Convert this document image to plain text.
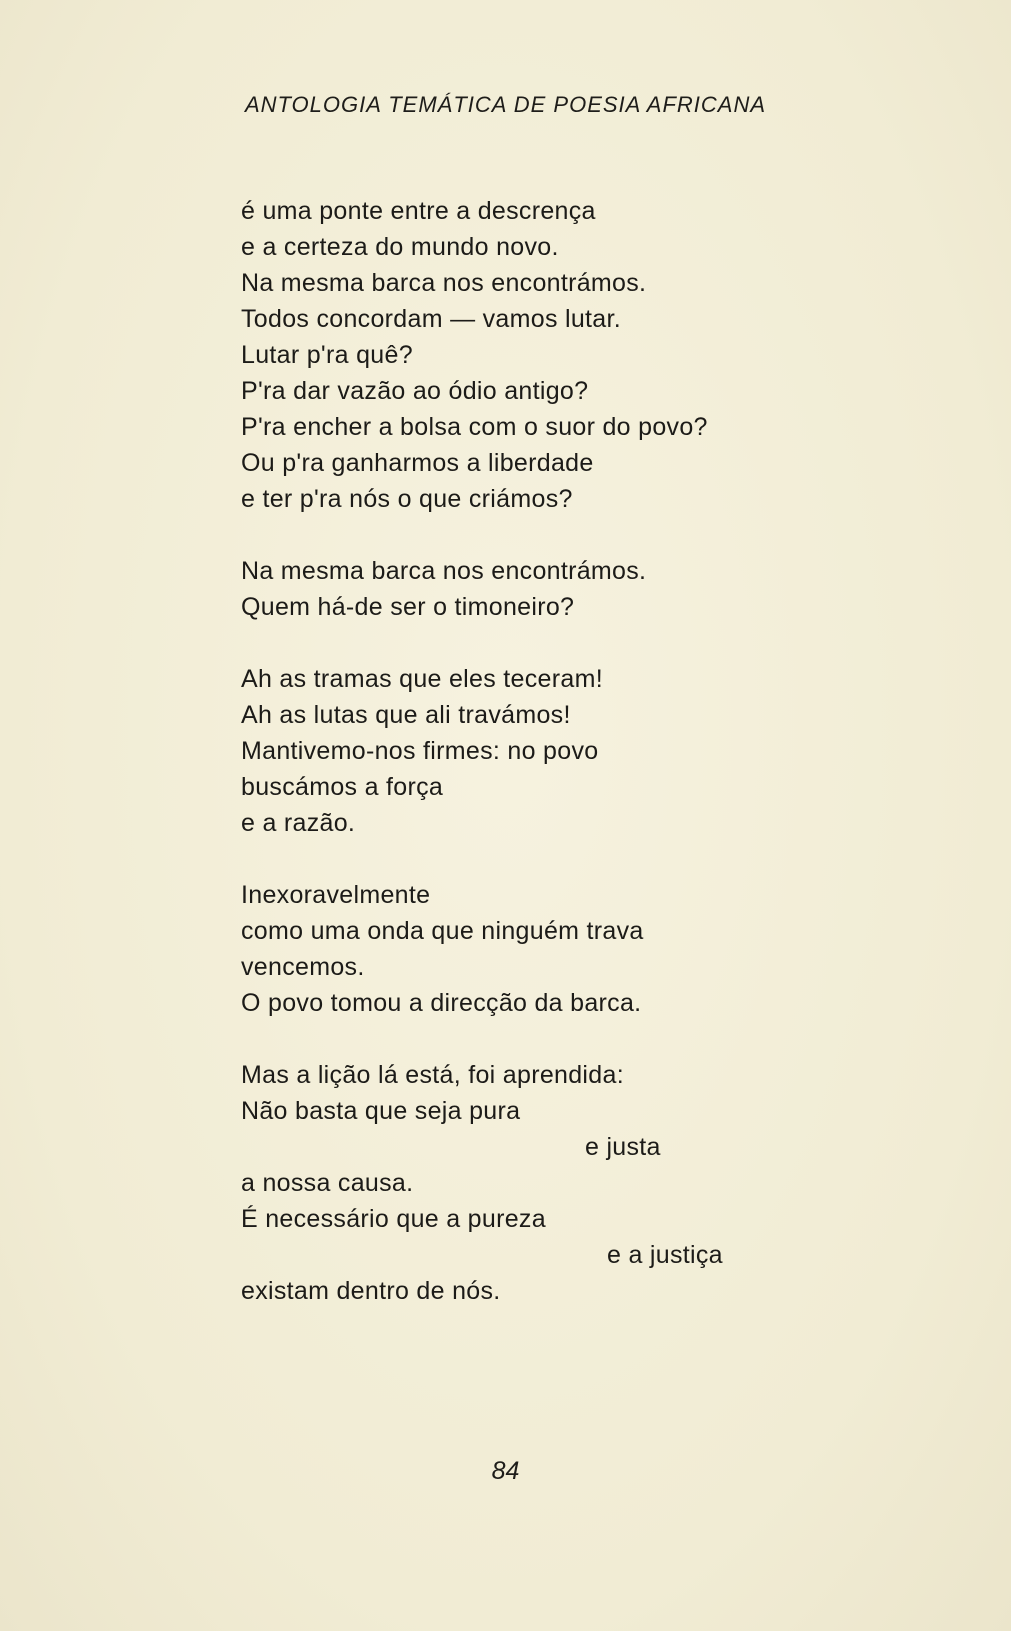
ANTOLOGIA TEMÁTICA DE POESIA AFRICANA
é uma ponte entre a descrença
e a certeza do mundo novo.
Na mesma barca nos encontrámos.
Todos concordam — vamos lutar.
Lutar p'ra quê?
P'ra dar vazão ao ódio antigo?
P'ra encher a bolsa com o suor do povo?
Ou p'ra ganharmos a liberdade
e ter p'ra nós o que criámos?
Na mesma barca nos encontrámos.
Quem há-de ser o timoneiro?
Ah as tramas que eles teceram!
Ah as lutas que ali travámos!
Mantivemo-nos firmes: no povo
buscámos a força
e a razão.
Inexoravelmente
como uma onda que ninguém trava
vencemos.
O povo tomou a direcção da barca.
Mas a lição lá está, foi aprendida:
Não basta que seja pura
e justa
a nossa causa.
É necessário que a pureza
e a justiça
existam dentro de nós.
84
